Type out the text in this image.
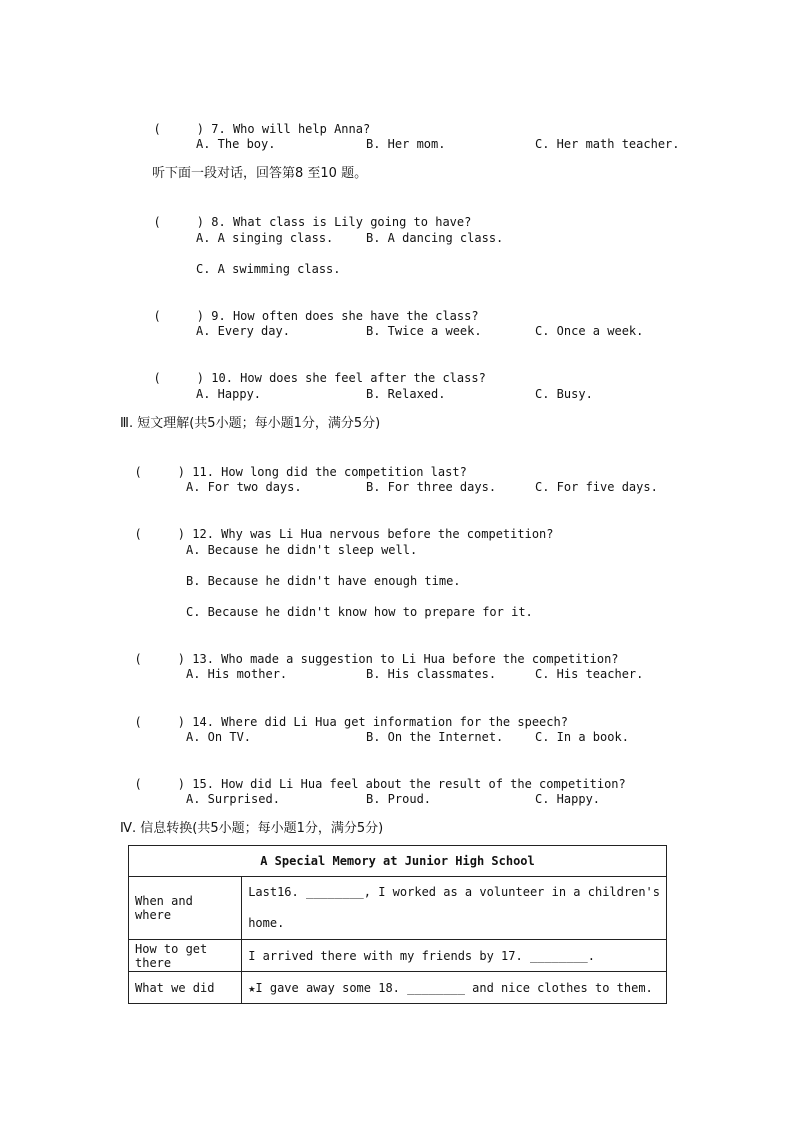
(     ) 7. Who will help Anna?

A. The boy.	B. Her mom.	C. Her math teacher.
听下面一段对话，回答第8 至10 题。

(     ) 8. What class is Lily going to have?

A. A singing class.	B. A dancing class.
C. A swimming class.

(     ) 9. How often does she have the class?

A. Every day.	B. Twice a week.	C. Once a week.

(     ) 10. How does she feel after the class?

A. Happy.	B. Relaxed.	C. Busy.
Ⅲ. 短文理解(共5小题；每小题1分，满分5分)

(     ) 11. How long did the competition last?

A. For two days.	B. For three days.	C. For five days.

(     ) 12. Why was Li Hua nervous before the competition?

A. Because he didn't sleep well.
B. Because he didn't have enough time.
C. Because he didn't know how to prepare for it.

(     ) 13. Who made a suggestion to Li Hua before the competition?

A. His mother.	B. His classmates.	C. His teacher.

(     ) 14. Where did Li Hua get information for the speech?

A. On TV.	B. On the Internet.	C. In a book.

(     ) 15. How did Li Hua feel about the result of the competition?

A. Surprised.	B. Proud.	C. Happy.
Ⅳ. 信息转换(共5小题；每小题1分，满分5分)
A Special Memory at Junior High School	
When and where	Last16. ________, I worked as a volunteer in a children's
home.

How to get there	I arrived there with my friends by 17. ________.
What we did	★I gave away some 18. ________ and nice clothes to them.
